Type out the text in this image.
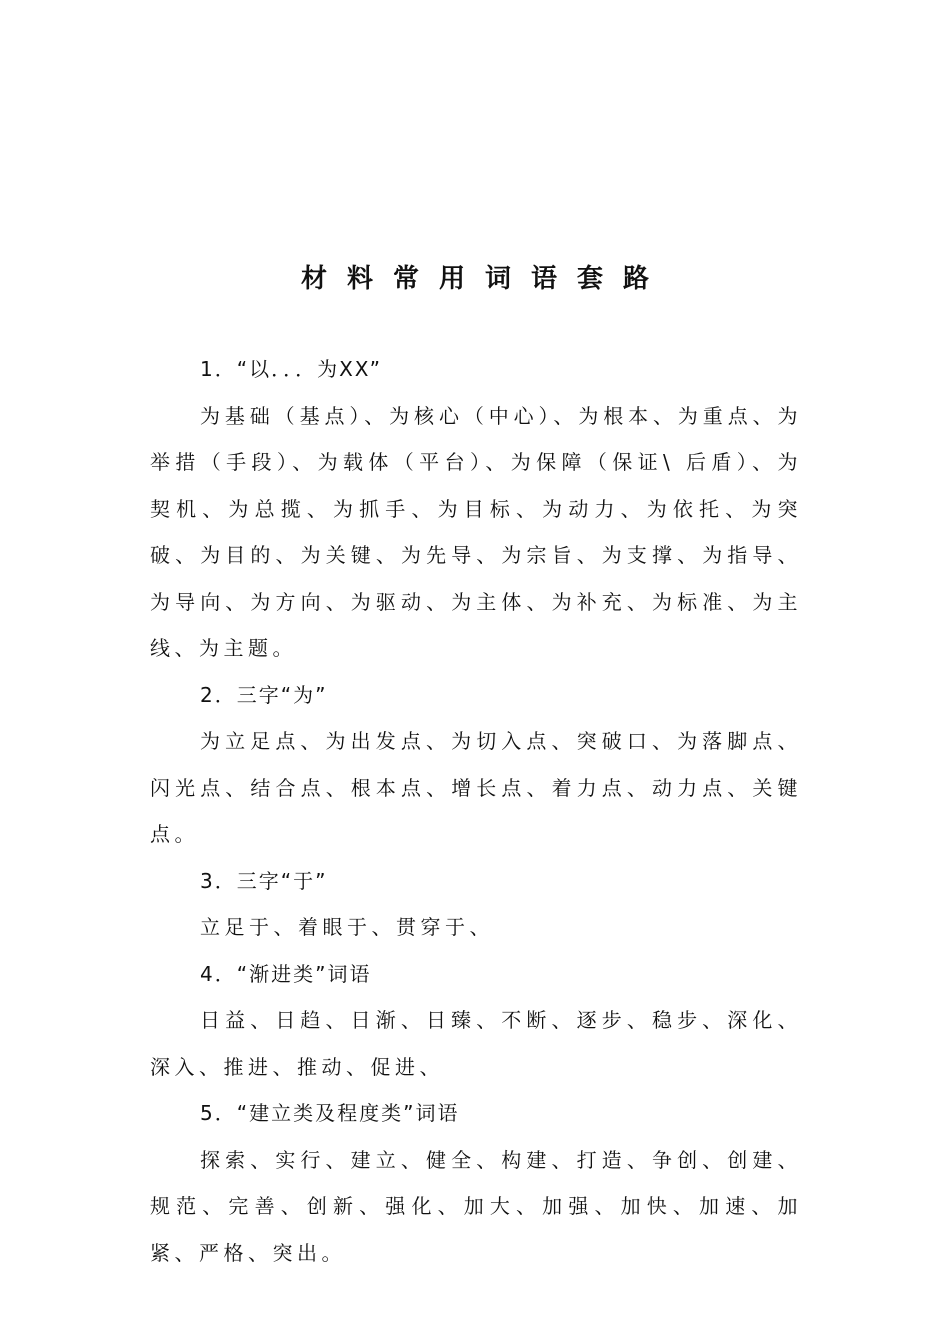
材料常用词语套路
1．“以．．．为XX”

为基础（基点）、为核心（中心）、为根本、为重点、为举措（手段）、为载体（平台）、为保障（保证\ 后盾）、为契机、为总揽、为抓手、为目标、为动力、为依托、为突破、为目的、为关键、为先导、为宗旨、为支撑、为指导、为导向、为方向、为驱动、为主体、为补充、为标准、为主线、为主题。

2．三字“为”

为立足点、为出发点、为切入点、突破口、为落脚点、闪光点、结合点、根本点、增长点、着力点、动力点、关键点。

3．三字“于”

立足于、着眼于、贯穿于、

4．“渐进类”词语

日益、日趋、日渐、日臻、不断、逐步、稳步、深化、深入、推进、推动、促进、

5．“建立类及程度类”词语

探索、实行、建立、健全、构建、打造、争创、创建、规范、完善、创新、强化、加大、加强、加快、加速、加紧、严格、突出。
